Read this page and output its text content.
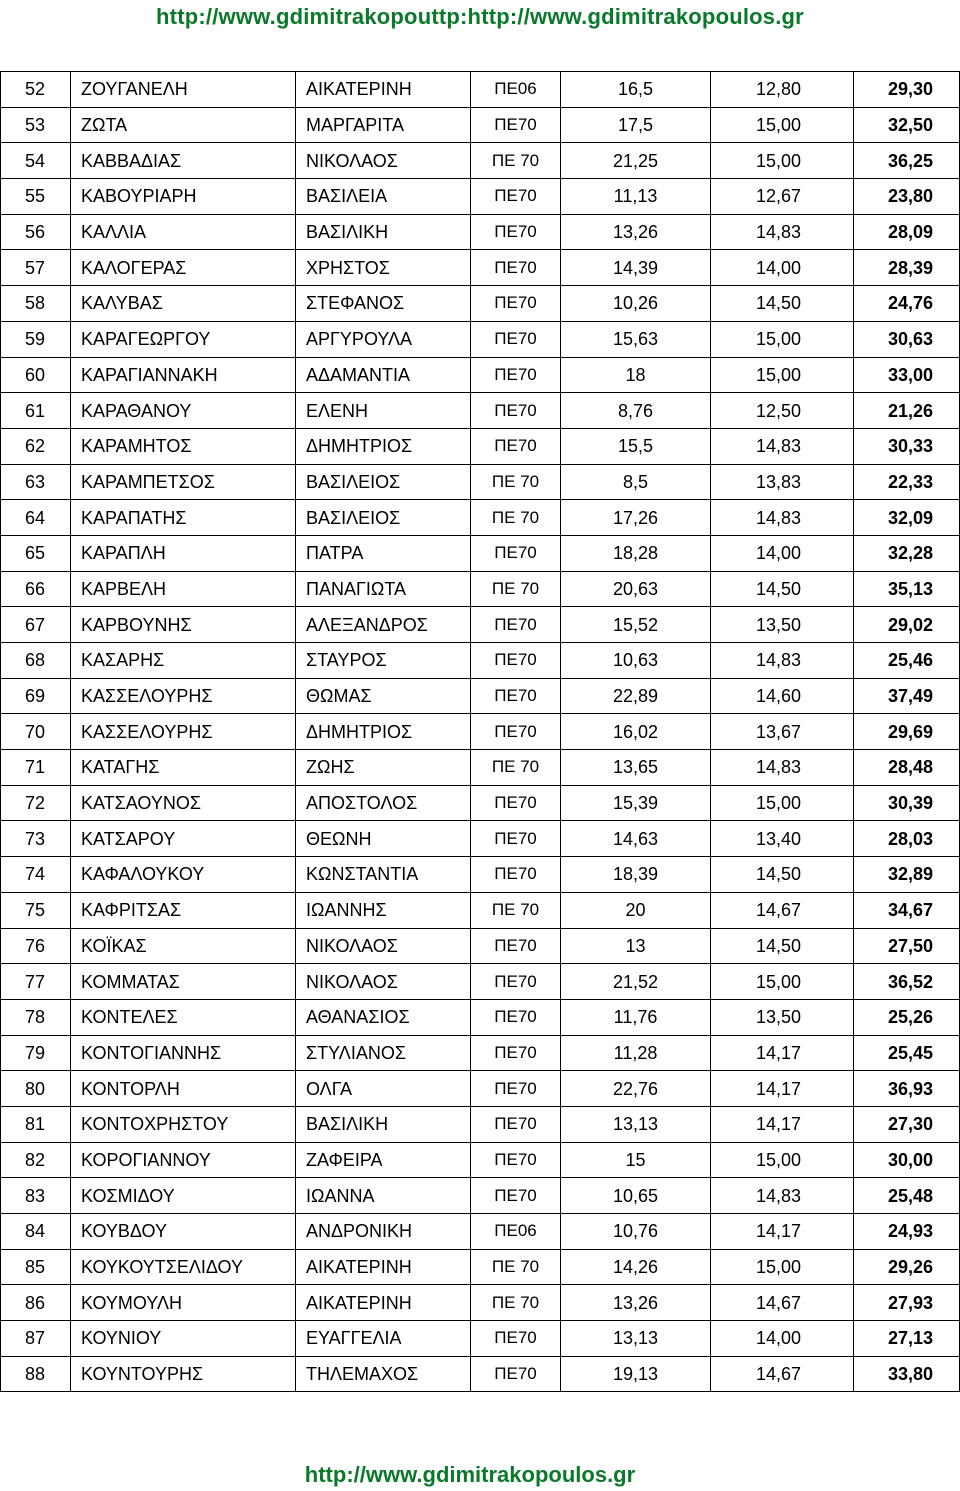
http://www.gdimitrakopouttp:http://www.gdimitrakopoulos.gr
52	ΖΟΥΓΑΝΕΛΗ	ΑΙΚΑΤΕΡΙΝΗ	ΠΕ06	16,5	12,80	29,30
53	ΖΩΤΑ	ΜΑΡΓΑΡΙΤΑ	ΠΕ70	17,5	15,00	32,50
54	ΚΑΒΒΑΔΙΑΣ	ΝΙΚΟΛΑΟΣ	ΠΕ 70	21,25	15,00	36,25
55	ΚΑΒΟΥΡΙΑΡΗ	ΒΑΣΙΛΕΙΑ	ΠΕ70	11,13	12,67	23,80
56	ΚΑΛΛΙΑ	ΒΑΣΙΛΙΚΗ	ΠΕ70	13,26	14,83	28,09
57	ΚΑΛΟΓΕΡΑΣ	ΧΡΗΣΤΟΣ	ΠΕ70	14,39	14,00	28,39
58	ΚΑΛΥΒΑΣ	ΣΤΕΦΑΝΟΣ	ΠΕ70	10,26	14,50	24,76
59	ΚΑΡΑΓΕΩΡΓΟΥ	ΑΡΓΥΡΟΥΛΑ	ΠΕ70	15,63	15,00	30,63
60	ΚΑΡΑΓΙΑΝΝΑΚΗ	ΑΔΑΜΑΝΤΙΑ	ΠΕ70	18	15,00	33,00
61	ΚΑΡΑΘΑΝΟΥ	ΕΛΕΝΗ	ΠΕ70	8,76	12,50	21,26
62	ΚΑΡΑΜΗΤΟΣ	ΔΗΜΗΤΡΙΟΣ	ΠΕ70	15,5	14,83	30,33
63	ΚΑΡΑΜΠΕΤΣΟΣ	ΒΑΣΙΛΕΙΟΣ	ΠΕ 70	8,5	13,83	22,33
64	ΚΑΡΑΠΑΤΗΣ	ΒΑΣΙΛΕΙΟΣ	ΠΕ 70	17,26	14,83	32,09
65	ΚΑΡΑΠΛΗ	ΠΑΤΡΑ	ΠΕ70	18,28	14,00	32,28
66	ΚΑΡΒΕΛΗ	ΠΑΝΑΓΙΩΤΑ	ΠΕ 70	20,63	14,50	35,13
67	ΚΑΡΒΟΥΝΗΣ	ΑΛΕΞΑΝΔΡΟΣ	ΠΕ70	15,52	13,50	29,02
68	ΚΑΣΑΡΗΣ	ΣΤΑΥΡΟΣ	ΠΕ70	10,63	14,83	25,46
69	ΚΑΣΣΕΛΟΥΡΗΣ	ΘΩΜΑΣ	ΠΕ70	22,89	14,60	37,49
70	ΚΑΣΣΕΛΟΥΡΗΣ	ΔΗΜΗΤΡΙΟΣ	ΠΕ70	16,02	13,67	29,69
71	ΚΑΤΑΓΗΣ	ΖΩΗΣ	ΠΕ 70	13,65	14,83	28,48
72	ΚΑΤΣΑΟΥΝΟΣ	ΑΠΟΣΤΟΛΟΣ	ΠΕ70	15,39	15,00	30,39
73	ΚΑΤΣΑΡΟΥ	ΘΕΩΝΗ	ΠΕ70	14,63	13,40	28,03
74	ΚΑΦΑΛΟΥΚΟΥ	ΚΩΝΣΤΑΝΤΙΑ	ΠΕ70	18,39	14,50	32,89
75	ΚΑΦΡΙΤΣΑΣ	ΙΩΑΝΝΗΣ	ΠΕ 70	20	14,67	34,67
76	ΚΟΪΚΑΣ	ΝΙΚΟΛΑΟΣ	ΠΕ70	13	14,50	27,50
77	ΚΟΜΜΑΤΑΣ	ΝΙΚΟΛΑΟΣ	ΠΕ70	21,52	15,00	36,52
78	ΚΟΝΤΕΛΕΣ	ΑΘΑΝΑΣΙΟΣ	ΠΕ70	11,76	13,50	25,26
79	ΚΟΝΤΟΓΙΑΝΝΗΣ	ΣΤΥΛΙΑΝΟΣ	ΠΕ70	11,28	14,17	25,45
80	ΚΟΝΤΟΡΛΗ	ΟΛΓΑ	ΠΕ70	22,76	14,17	36,93
81	ΚΟΝΤΟΧΡΗΣΤΟΥ	ΒΑΣΙΛΙΚΗ	ΠΕ70	13,13	14,17	27,30
82	ΚΟΡΟΓΙΑΝΝΟΥ	ΖΑΦΕΙΡΑ	ΠΕ70	15	15,00	30,00
83	ΚΟΣΜΙΔΟΥ	ΙΩΑΝΝΑ	ΠΕ70	10,65	14,83	25,48
84	ΚΟΥΒΔΟΥ	ΑΝΔΡΟΝΙΚΗ	ΠΕ06	10,76	14,17	24,93
85	ΚΟΥΚΟΥΤΣΕΛΙΔΟΥ	ΑΙΚΑΤΕΡΙΝΗ	ΠΕ 70	14,26	15,00	29,26
86	ΚΟΥΜΟΥΛΗ	ΑΙΚΑΤΕΡΙΝΗ	ΠΕ 70	13,26	14,67	27,93
87	ΚΟΥΝΙΟΥ	ΕΥΑΓΓΕΛΙΑ	ΠΕ70	13,13	14,00	27,13
88	ΚΟΥΝΤΟΥΡΗΣ	ΤΗΛΕΜΑΧΟΣ	ΠΕ70	19,13	14,67	33,80
http://www.gdimitrakopoulos.gr
